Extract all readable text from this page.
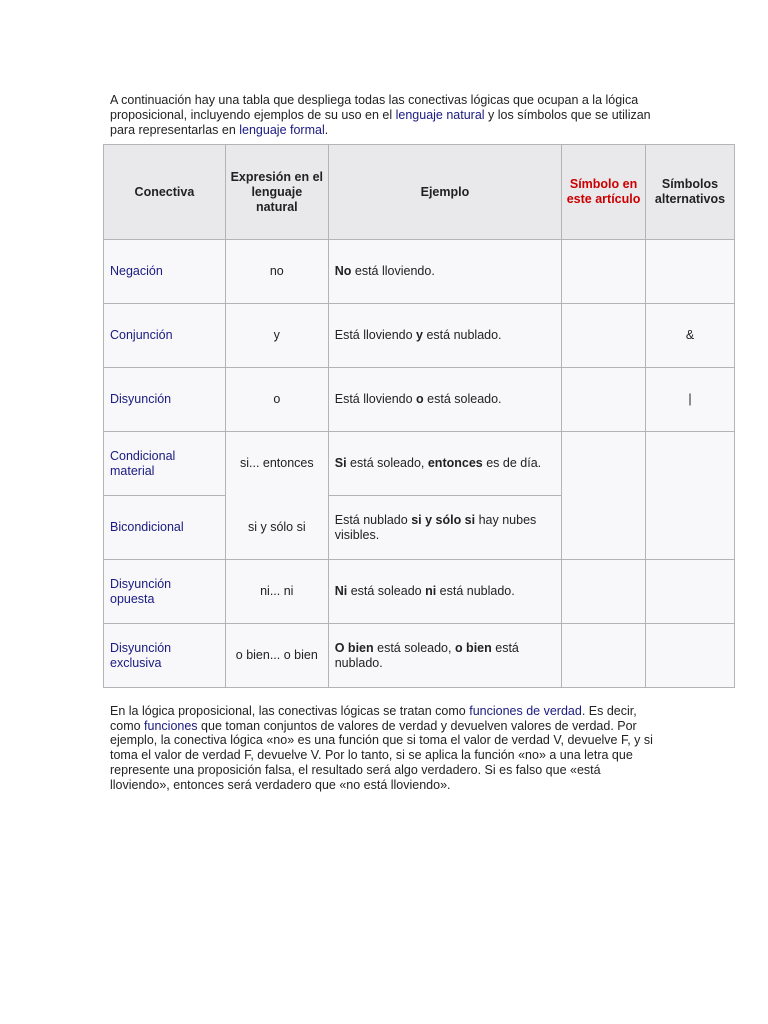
A continuación hay una tabla que despliega todas las conectivas lógicas que ocupan a la lógica proposicional, incluyendo ejemplos de su uso en el lenguaje natural y los símbolos que se utilizan para representarlas en lenguaje formal.
Conectiva	Expresión en el lenguaje natural	Ejemplo	Símbolo en este artículo	Símbolos alternativos
Negación	no	No está lloviendo.		
Conjunción	y	Está lloviendo y está nublado.		&
Disyunción	o	Está lloviendo o está soleado.		|
Condicional material	si... entonces	Si está soleado, entonces es de día.		
Bicondicional	si y sólo si	Está nublado si y sólo si hay nubes visibles.		
Disyunción opuesta	ni... ni	Ni está soleado ni está nublado.		
Disyunción exclusiva	o bien... o bien	O bien está soleado, o bien está nublado.		
En la lógica proposicional, las conectivas lógicas se tratan como funciones de verdad. Es decir, como funciones que toman conjuntos de valores de verdad y devuelven valores de verdad. Por ejemplo, la conectiva lógica «no» es una función que si toma el valor de verdad V, devuelve F, y si toma el valor de verdad F, devuelve V. Por lo tanto, si se aplica la función «no» a una letra que represente una proposición falsa, el resultado será algo verdadero. Si es falso que «está lloviendo», entonces será verdadero que «no está lloviendo».
